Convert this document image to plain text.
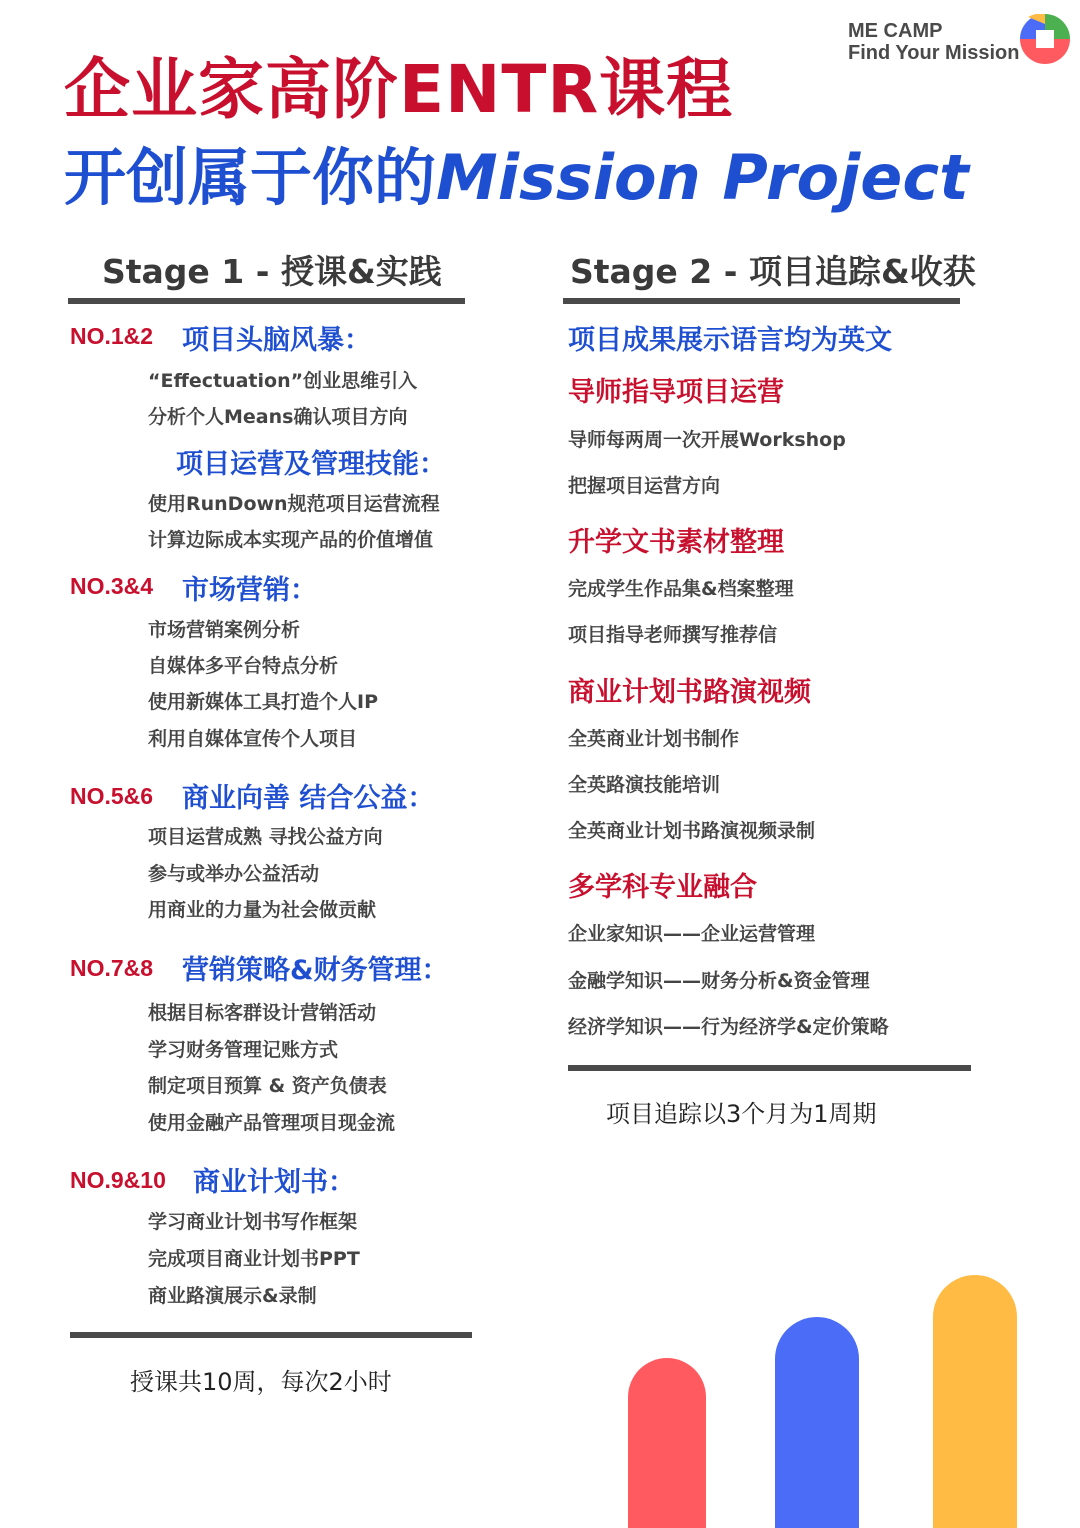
企业家高阶ENTR课程
开创属于你的Mission Project
ME CAMP
Find Your Mission
Stage 1 - 授课&实践
NO.1&2 项目头脑风暴：
“Effectuation”创业思维引入
分析个人Means确认项目方向
项目运营及管理技能：
使用RunDown规范项目运营流程
计算边际成本实现产品的价值增值
NO.3&4 市场营销：
市场营销案例分析
自媒体多平台特点分析
使用新媒体工具打造个人IP
利用自媒体宣传个人项目
NO.5&6 商业向善 结合公益：
项目运营成熟 寻找公益方向
参与或举办公益活动
用商业的力量为社会做贡献
NO.7&8 营销策略&财务管理：
根据目标客群设计营销活动
学习财务管理记账方式
制定项目预算 & 资产负债表
使用金融产品管理项目现金流
NO.9&10 商业计划书：
学习商业计划书写作框架
完成项目商业计划书PPT
商业路演展示&录制
授课共10周，每次2小时
Stage 2 - 项目追踪&收获
项目成果展示语言均为英文
导师指导项目运营
导师每两周一次开展Workshop
把握项目运营方向
升学文书素材整理
完成学生作品集&档案整理
项目指导老师撰写推荐信
商业计划书路演视频
全英商业计划书制作
全英路演技能培训
全英商业计划书路演视频录制
多学科专业融合
企业家知识——企业运营管理
金融学知识——财务分析&资金管理
经济学知识——行为经济学&定价策略
项目追踪以3个月为1周期
